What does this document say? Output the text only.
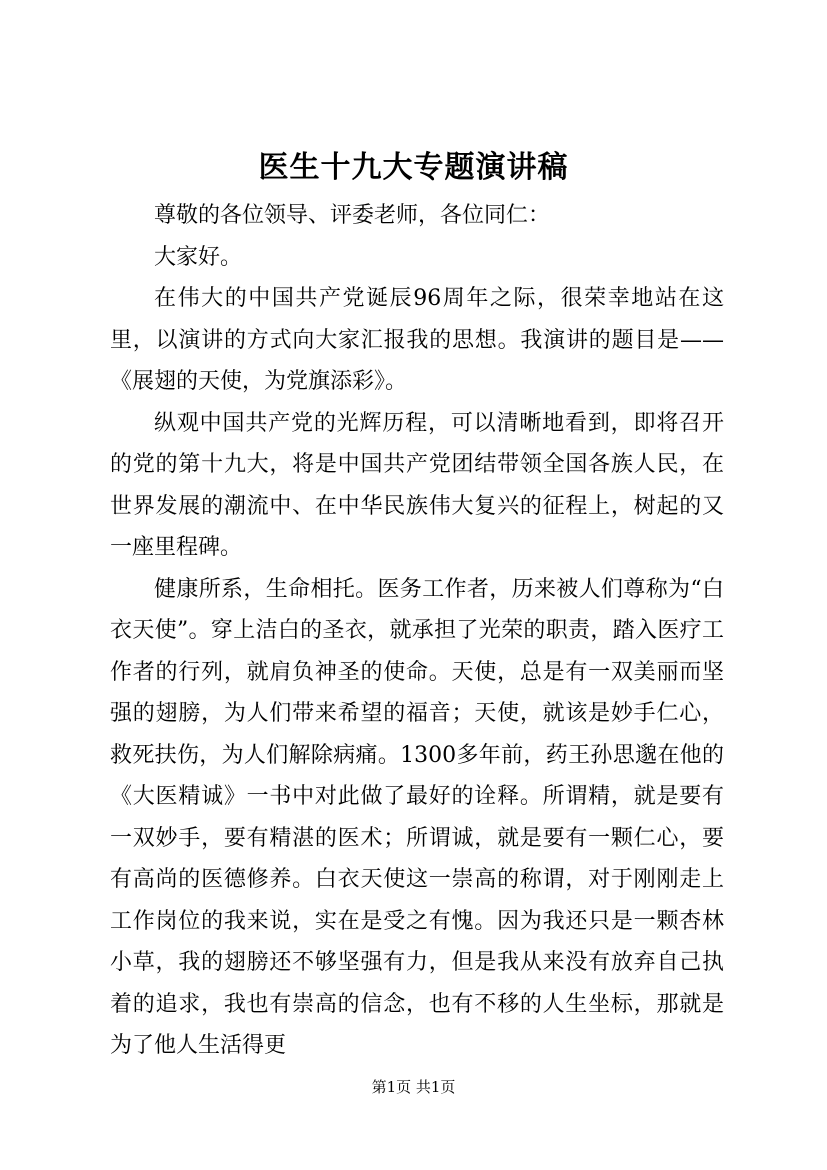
医生十九大专题演讲稿

尊敬的各位领导、评委老师，各位同仁：

大家好。

在伟大的中国共产党诞辰96周年之际，很荣幸地站在这里，以演讲的方式向大家汇报我的思想。我演讲的题目是——《展翅的天使，为党旗添彩》。

纵观中国共产党的光辉历程，可以清晰地看到，即将召开的党的第十九大，将是中国共产党团结带领全国各族人民，在世界发展的潮流中、在中华民族伟大复兴的征程上，树起的又一座里程碑。

健康所系，生命相托。医务工作者，历来被人们尊称为“白衣天使”。穿上洁白的圣衣，就承担了光荣的职责，踏入医疗工作者的行列，就肩负神圣的使命。天使，总是有一双美丽而坚强的翅膀，为人们带来希望的福音；天使，就该是妙手仁心，救死扶伤，为人们解除病痛。1300多年前，药王孙思邈在他的《大医精诚》一书中对此做了最好的诠释。所谓精，就是要有一双妙手，要有精湛的医术；所谓诚，就是要有一颗仁心，要有高尚的医德修养。白衣天使这一崇高的称谓，对于刚刚走上工作岗位的我来说，实在是受之有愧。因为我还只是一颗杏林小草，我的翅膀还不够坚强有力，但是我从来没有放弃自己执着的追求，我也有崇高的信念，也有不移的人生坐标，那就是为了他人生活得更

第1页 共1页
